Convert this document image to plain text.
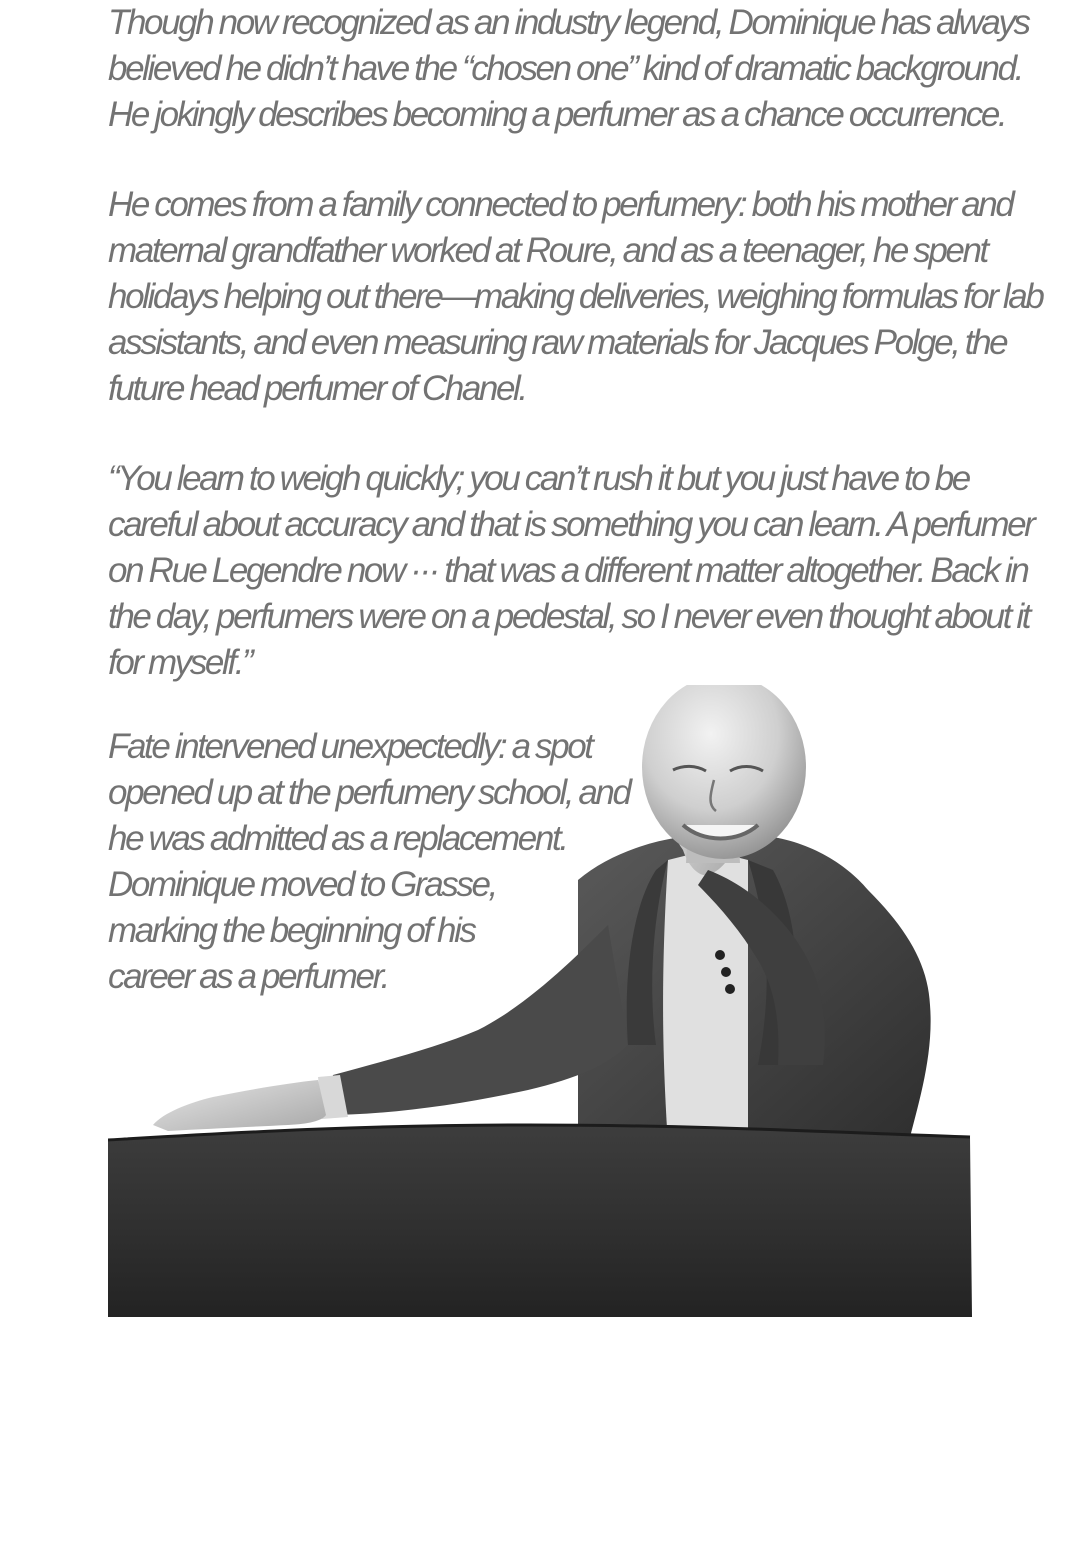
Though now recognized as an industry legend, Dominique has always
believed he didn’t have the “chosen one” kind of dramatic background.
He jokingly describes becoming a perfumer as a chance occurrence.

He comes from a family connected to perfumery: both his mother and
maternal grandfather worked at Roure, and as a teenager, he spent
holidays helping out there—making deliveries, weighing formulas for lab
assistants, and even measuring raw materials for Jacques Polge, the
future head perfumer of Chanel.

“You learn to weigh quickly; you can’t rush it but you just have to be
careful about accuracy and that is something you can learn. A perfumer
on Rue Legendre now ··· that was a different matter altogether. Back in
the day, perfumers were on a pedestal, so I never even thought about it
for myself.”

Fate intervened unexpectedly: a spot
opened up at the perfumery school, and
he was admitted as a replacement.
Dominique moved to Grasse,
marking the beginning of his
career as a perfumer.
